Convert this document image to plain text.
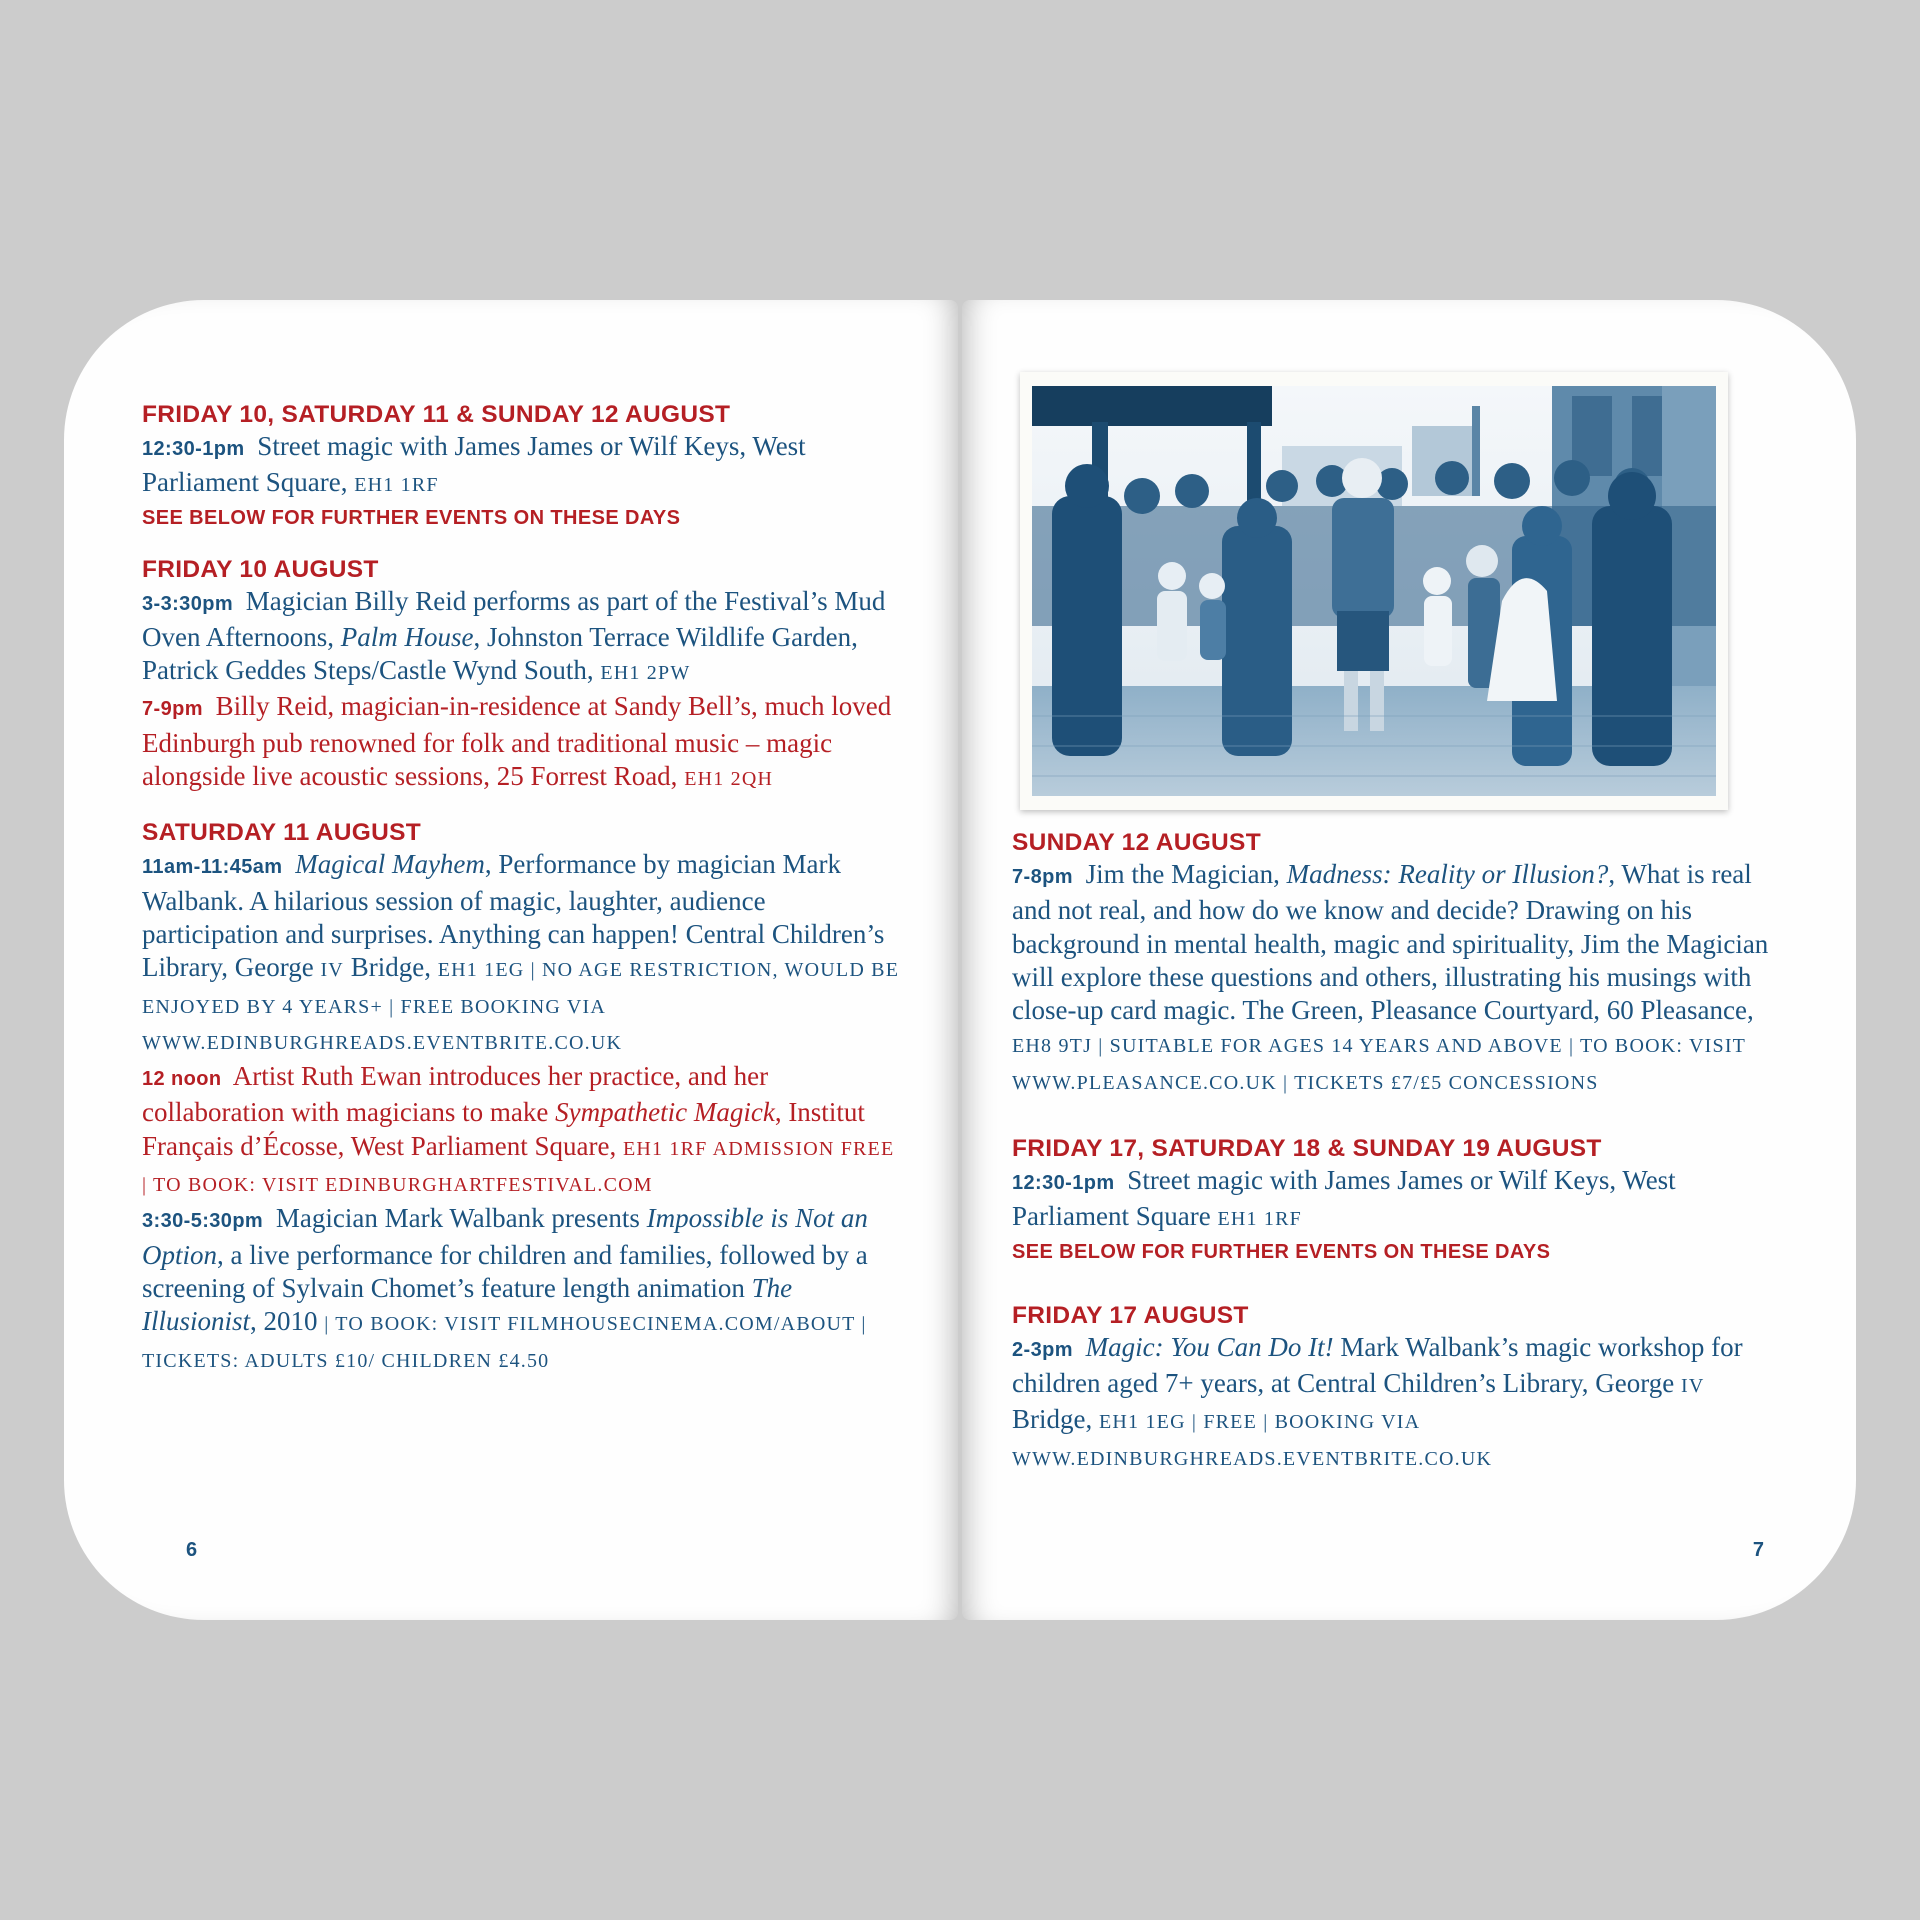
FRIDAY 10, SATURDAY 11 & SUNDAY 12 AUGUST
12:30-1pm Street magic with James James or Wilf Keys, West Parliament Square, EH1 1RF
SEE BELOW FOR FURTHER EVENTS ON THESE DAYS
FRIDAY 10 AUGUST
3-3:30pm Magician Billy Reid performs as part of the Festival’s Mud Oven Afternoons, Palm House, Johnston Terrace Wildlife Garden, Patrick Geddes Steps/Castle Wynd South, EH1 2PW
7-9pm Billy Reid, magician-in-residence at Sandy Bell’s, much loved Edinburgh pub renowned for folk and traditional music – magic alongside live acoustic sessions, 25 Forrest Road, EH1 2QH
SATURDAY 11 AUGUST
11am-11:45am Magical Mayhem, Performance by magician Mark Walbank. A hilarious session of magic, laughter, audience participation and surprises. Anything can happen! Central Children’s Library, George IV Bridge, EH1 1EG | NO AGE RESTRICTION, WOULD BE ENJOYED BY 4 YEARS+ | FREE BOOKING VIA WWW.EDINBURGHREADS.EVENTBRITE.CO.UK
12 noon Artist Ruth Ewan introduces her practice, and her collaboration with magicians to make Sympathetic Magick, Institut Français d’Écosse, West Parliament Square, EH1 1RF ADMISSION FREE | TO BOOK: VISIT EDINBURGHARTFESTIVAL.COM
3:30-5:30pm Magician Mark Walbank presents Impossible is Not an Option, a live performance for children and families, followed by a screening of Sylvain Chomet’s feature length animation The Illusionist, 2010 | TO BOOK: VISIT FILMHOUSECINEMA.COM/ABOUT | TICKETS: ADULTS £10/ CHILDREN £4.50
6
SUNDAY 12 AUGUST
7-8pm Jim the Magician, Madness: Reality or Illusion?, What is real and not real, and how do we know and decide? Drawing on his background in mental health, magic and spirituality, Jim the Magician will explore these questions and others, illustrating his musings with close-up card magic. The Green, Pleasance Courtyard, 60 Pleasance, EH8 9TJ | SUITABLE FOR AGES 14 YEARS AND ABOVE | TO BOOK: VISIT WWW.PLEASANCE.CO.UK | TICKETS £7/£5 CONCESSIONS
FRIDAY 17, SATURDAY 18 & SUNDAY 19 AUGUST
12:30-1pm Street magic with James James or Wilf Keys, West Parliament Square EH1 1RF
SEE BELOW FOR FURTHER EVENTS ON THESE DAYS
FRIDAY 17 AUGUST
2-3pm Magic: You Can Do It! Mark Walbank’s magic workshop for children aged 7+ years, at Central Children’s Library, George IV Bridge, EH1 1EG | FREE | BOOKING VIA WWW.EDINBURGHREADS.EVENTBRITE.CO.UK
7
